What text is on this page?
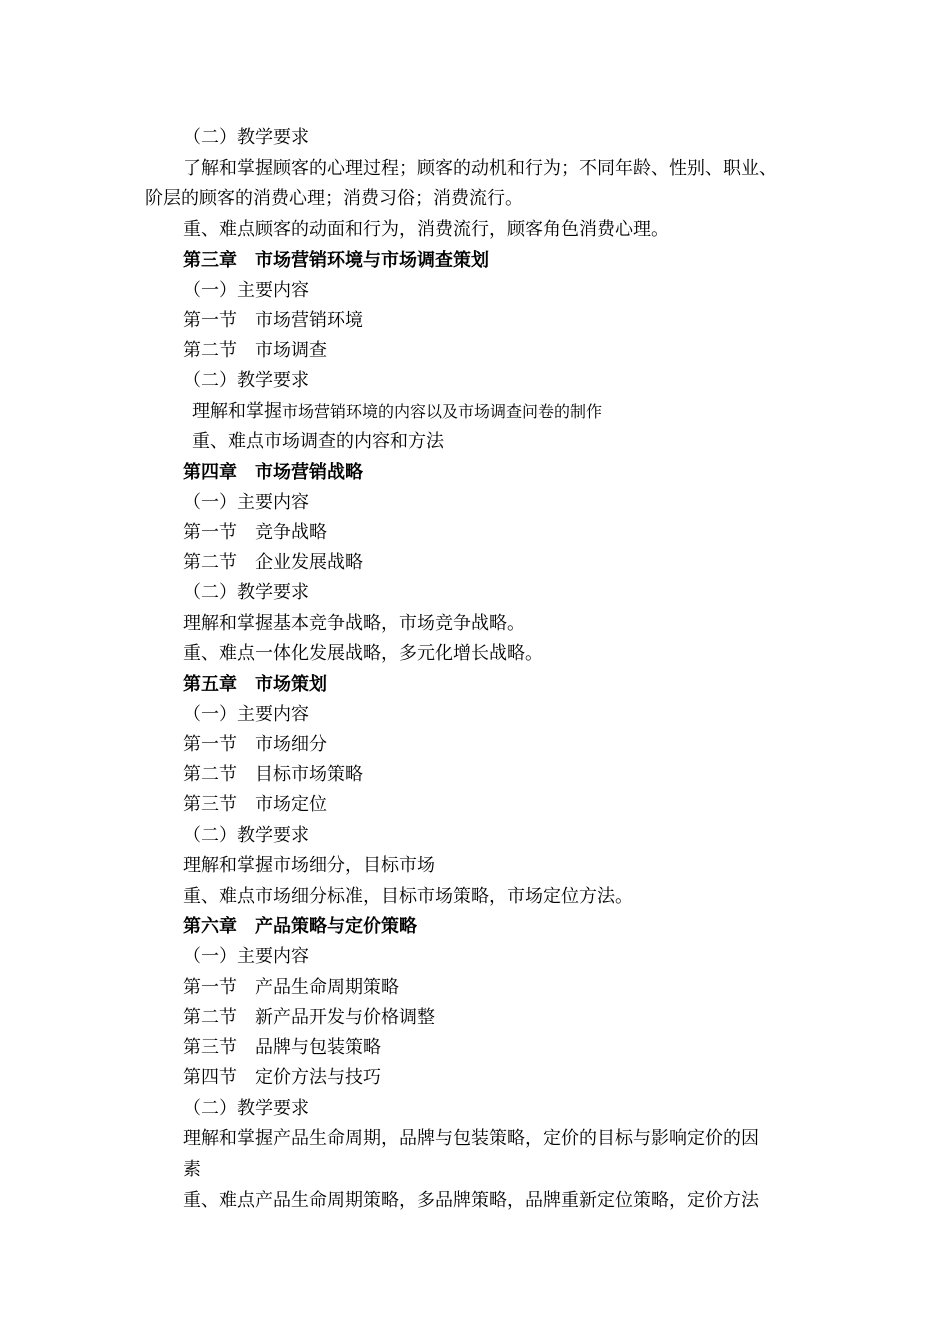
（二）教学要求
了解和掌握顾客的心理过程；顾客的动机和行为；不同年龄、性别、职业、
阶层的顾客的消费心理；消费习俗；消费流行。
重、难点顾客的动面和行为，消费流行，顾客角色消费心理。
第三章 市场营销环境与市场调查策划
（一）主要内容
第一节 市场营销环境
第二节 市场调查
（二）教学要求
理解和掌握市场营销环境的内容以及市场调查问卷的制作
重、难点市场调查的内容和方法
第四章 市场营销战略
（一）主要内容
第一节 竞争战略
第二节 企业发展战略
（二）教学要求
理解和掌握基本竞争战略，市场竞争战略。
重、难点一体化发展战略，多元化增长战略。
第五章 市场策划
（一）主要内容
第一节 市场细分
第二节 目标市场策略
第三节 市场定位
（二）教学要求
理解和掌握市场细分，目标市场
重、难点市场细分标准，目标市场策略，市场定位方法。
第六章 产品策略与定价策略
（一）主要内容
第一节 产品生命周期策略
第二节 新产品开发与价格调整
第三节 品牌与包装策略
第四节 定价方法与技巧
（二）教学要求
理解和掌握产品生命周期，品牌与包装策略，定价的目标与影响定价的因
素
重、难点产品生命周期策略，多品牌策略，品牌重新定位策略，定价方法
